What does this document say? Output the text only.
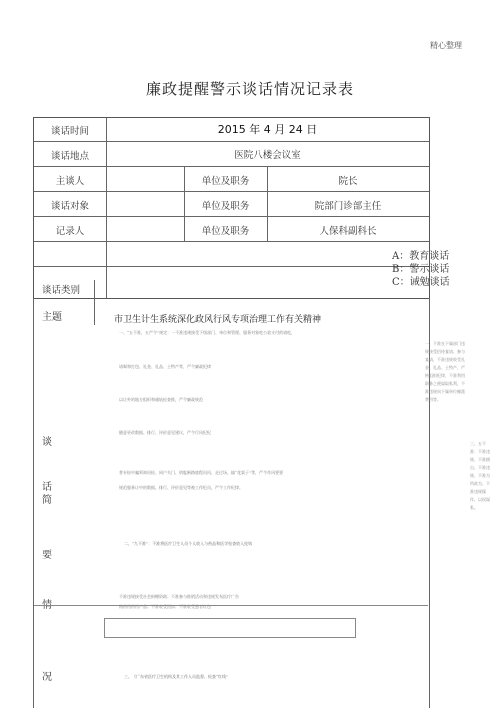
精心整理
廉政提醒警示谈话情况记录表
谈话时间	2015 年 4 月 24 日
谈话地点	医院八楼会议室
主谈人	单位及职务	院长
谈话对象	单位及职务	院部门诊部主任
记录人	单位及职务	人保科副科长
谈话类别
A：教育谈话
B：警示谈话
C：诫勉谈话
主题	市卫生计生系统深化政风行风专项治理工作有关精神
谈
话
简
要
情
况
一、“五不准，五严令”规定：一不准违规接受下级部门、单位和管理、服务对象吃公款支付的请吃，
请喝和打包、礼金、礼品、土特产等，严令廉政纪律
以让外的地方组织和逾轨检查推，严令廉政规范
随意更改数据、排行、评价意见建议，严令行风纪纪
普专检中骗须询问检、同户关门、钥匙断路旅程问问、走过场、搞“花架子”等，严令作风要要
规范服务让中的数据、排行、评价意见等被工作纪员，严令工作纪律。
二、“九不准”：不准将医疗卫生人员个人收入与药品和医学检查收入挂钩
不准违规接受社会捐赠资助；不准参与推销活动和违规发布医疗广告
购药用药用产品；不准收受回扣；不准收受患者红包
三、《广东省医疗卫生机构及其工作人员监督、检查“红线”
一、不准在下属部门违规接受招待宴请、参与宴请，不准违规收受礼金、礼品、土特产，严格组织纪律，不准利用职务之便谋取私利，不准违规向下属单位摊派费用等。
三、五不准：不准违规、不准擅自、不准违规、不准为所欲为、不准违规操作、以权谋私。
